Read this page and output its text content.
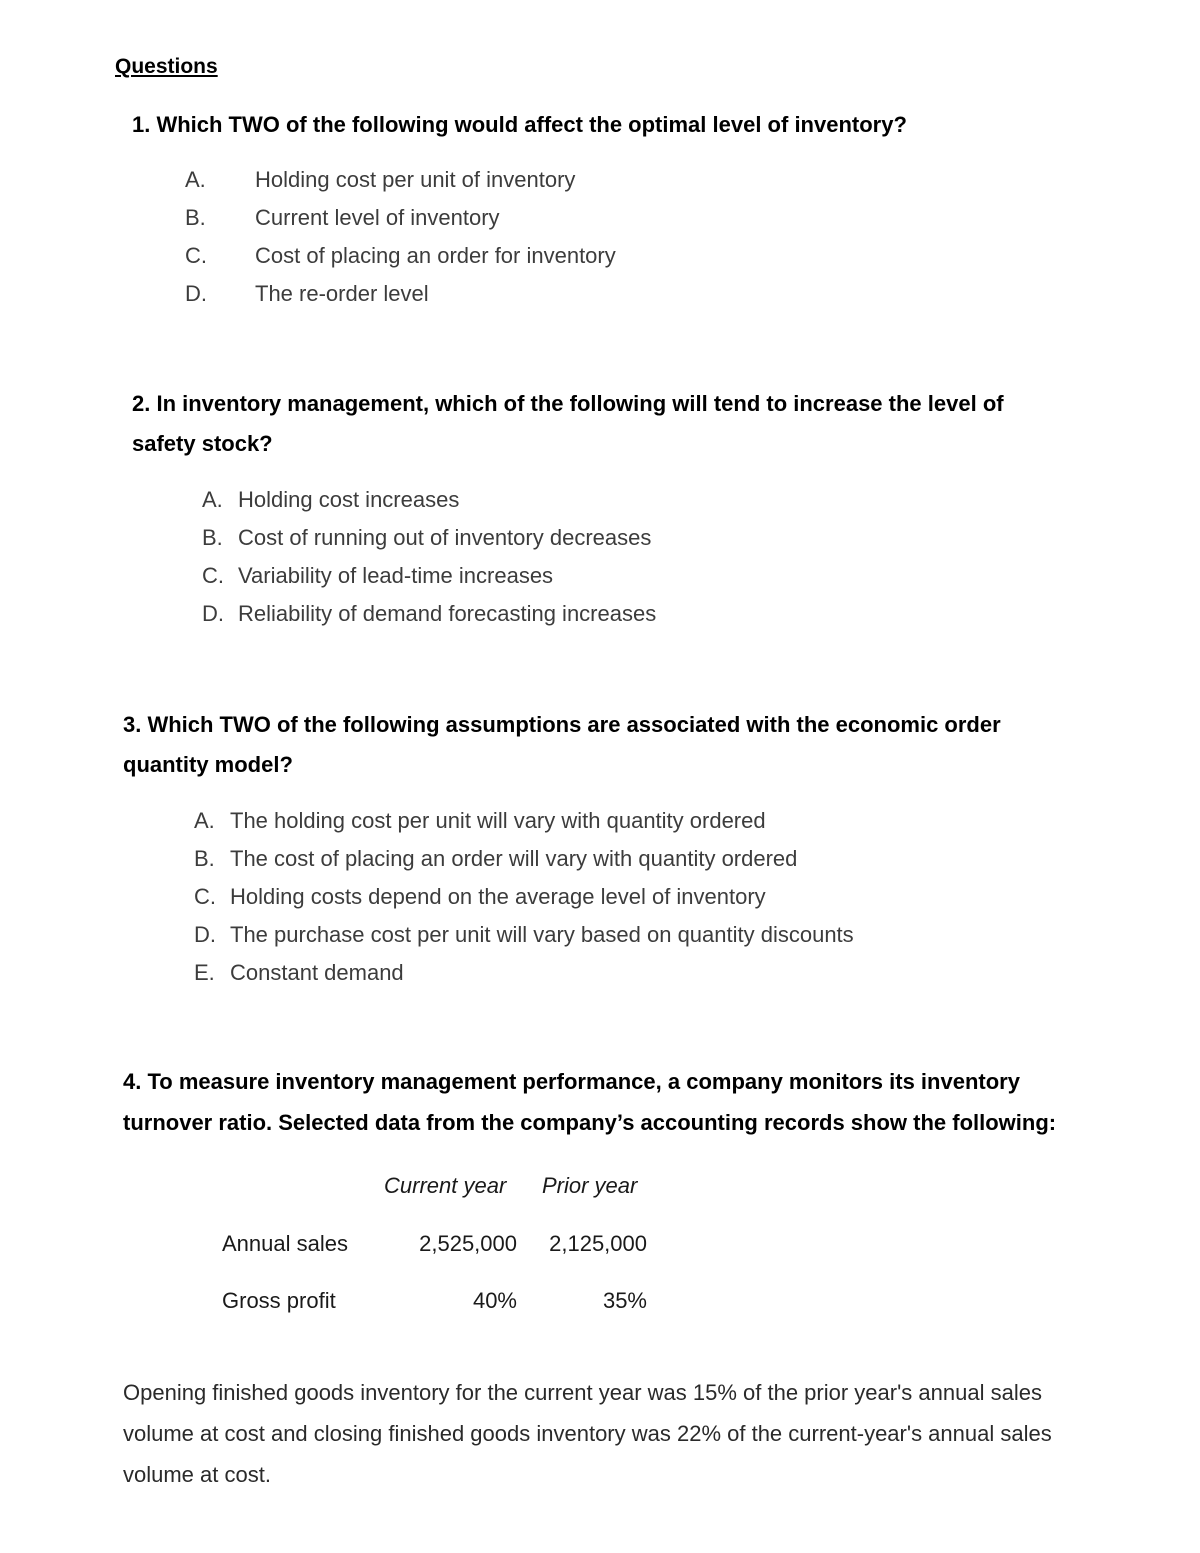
Questions
1. Which TWO of the following would affect the optimal level of inventory?
A. Holding cost per unit of inventory
B. Current level of inventory
C. Cost of placing an order for inventory
D. The re-order level
2. In inventory management, which of the following will tend to increase the level of
safety stock?
A. Holding cost increases
B. Cost of running out of inventory decreases
C. Variability of lead-time increases
D. Reliability of demand forecasting increases
3. Which TWO of the following assumptions are associated with the economic order
quantity model?
A. The holding cost per unit will vary with quantity ordered
B. The cost of placing an order will vary with quantity ordered
C. Holding costs depend on the average level of inventory
D. The purchase cost per unit will vary based on quantity discounts
E. Constant demand
4. To measure inventory management performance, a company monitors its inventory
turnover ratio. Selected data from the company’s accounting records show the following:
Current year Prior year
Annual sales	2,525,000	2,125,000
Gross profit	40%	35%
Opening finished goods inventory for the current year was 15% of the prior year's annual sales
volume at cost and closing finished goods inventory was 22% of the current-year's annual sales
volume at cost.
